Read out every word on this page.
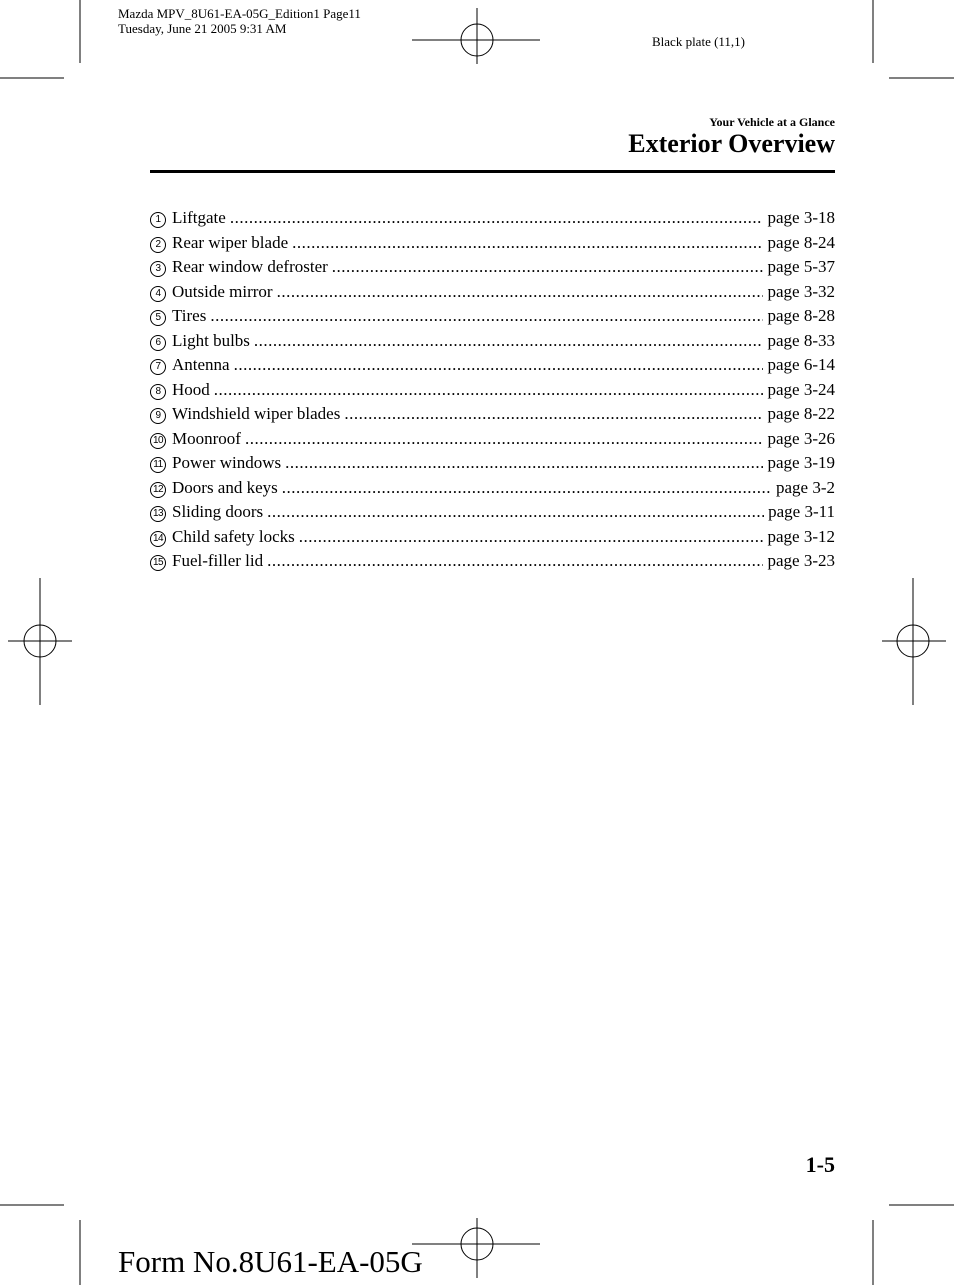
Mazda MPV_8U61-EA-05G_Edition1 Page11
Tuesday, June 21 2005 9:31 AM
Black plate (11,1)
Your Vehicle at a Glance
Exterior Overview
1 Liftgate .....	page 3-18
2 Rear wiper blade .....	page 8-24
3 Rear window defroster .....	page 5-37
4 Outside mirror .....	page 3-32
5 Tires .....	page 8-28
6 Light bulbs .....	page 8-33
7 Antenna .....	page 6-14
8 Hood .....	page 3-24
9 Windshield wiper blades .....	page 8-22
10 Moonroof .....	page 3-26
11 Power windows .....	page 3-19
12 Doors and keys .....	page 3-2
13 Sliding doors .....	page 3-11
14 Child safety locks .....	page 3-12
15 Fuel-filler lid .....	page 3-23
1-5
Form No.8U61-EA-05G
